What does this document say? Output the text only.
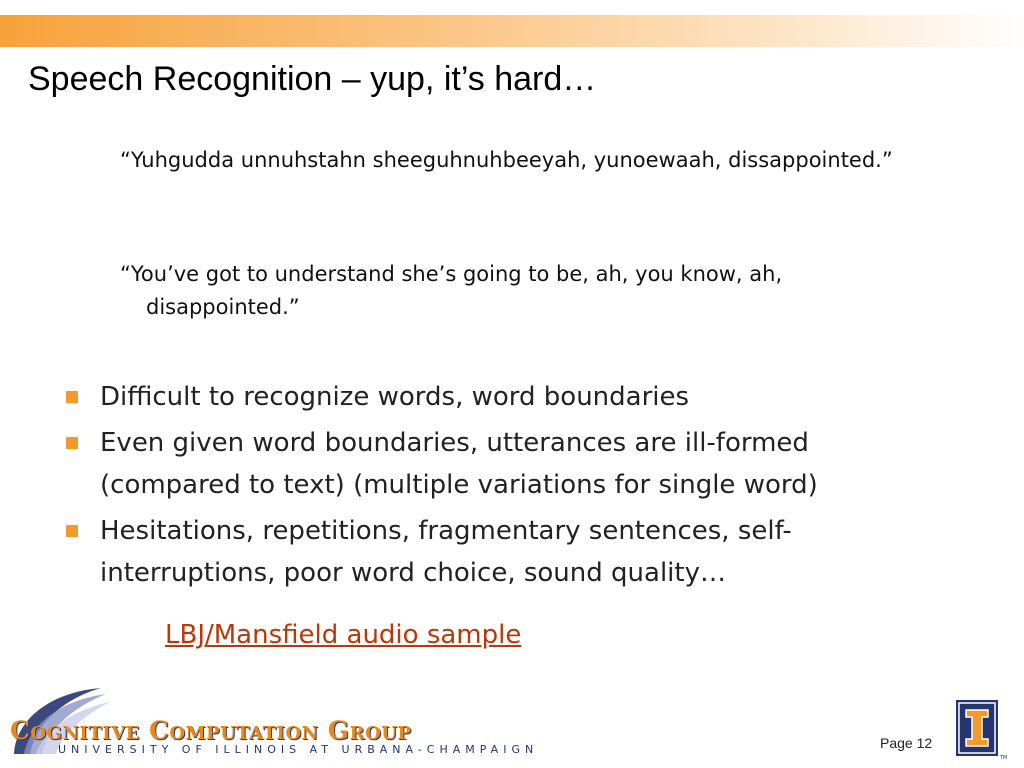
Speech Recognition – yup, it’s hard…
“Yuhgudda unnuhstahn sheeguhnuhbeeyah, yunoewaah, dissappointed.”
“You’ve got to understand she’s going to be, ah, you know, ah, disappointed.”
Difficult to recognize words, word boundaries
Even given word boundaries, utterances are ill-formed (compared to text) (multiple variations for single word)
Hesitations, repetitions, fragmentary sentences, self-interruptions, poor word choice, sound quality…
LBJ/Mansfield audio sample
Cognitive Computation Group
UNIVERSITY OF ILLINOIS AT URBANA-CHAMPAIGN	Page 12
TM
